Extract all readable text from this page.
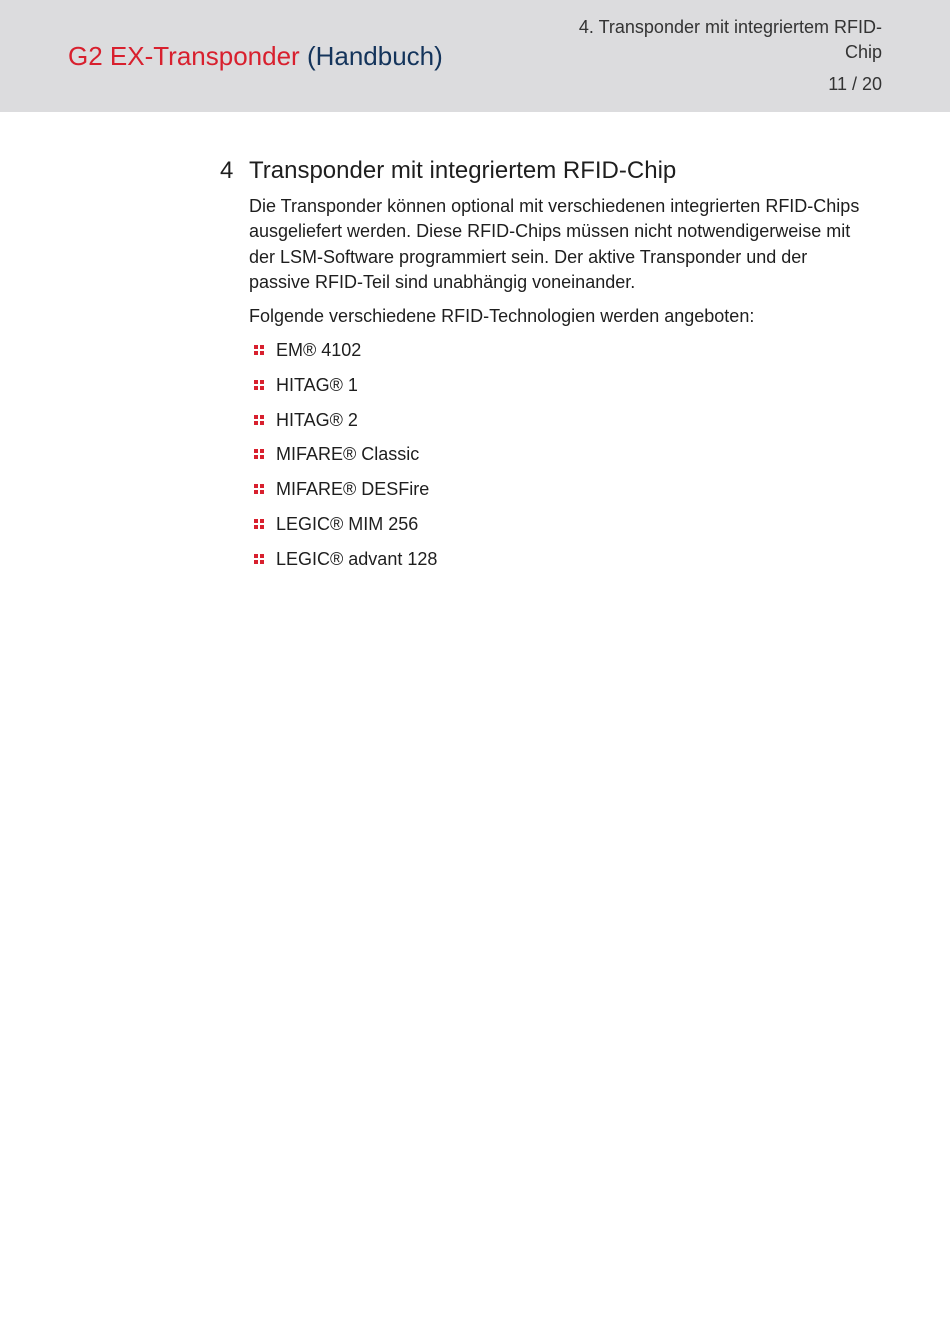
G2 EX-Transponder (Handbuch)
4. Transponder mit integriertem RFID-Chip
11 / 20
4 Transponder mit integriertem RFID-Chip

Die Transponder können optional mit verschiedenen integrierten RFID-Chips ausgeliefert werden. Diese RFID-Chips müssen nicht notwendigerweise mit der LSM-Software programmiert sein. Der aktive Transponder und der passive RFID-Teil sind unabhängig voneinander.

Folgende verschiedene RFID-Technologien werden angeboten:

EM® 4102
HITAG® 1
HITAG® 2
MIFARE® Classic
MIFARE® DESFire
LEGIC® MIM 256
LEGIC® advant 128
